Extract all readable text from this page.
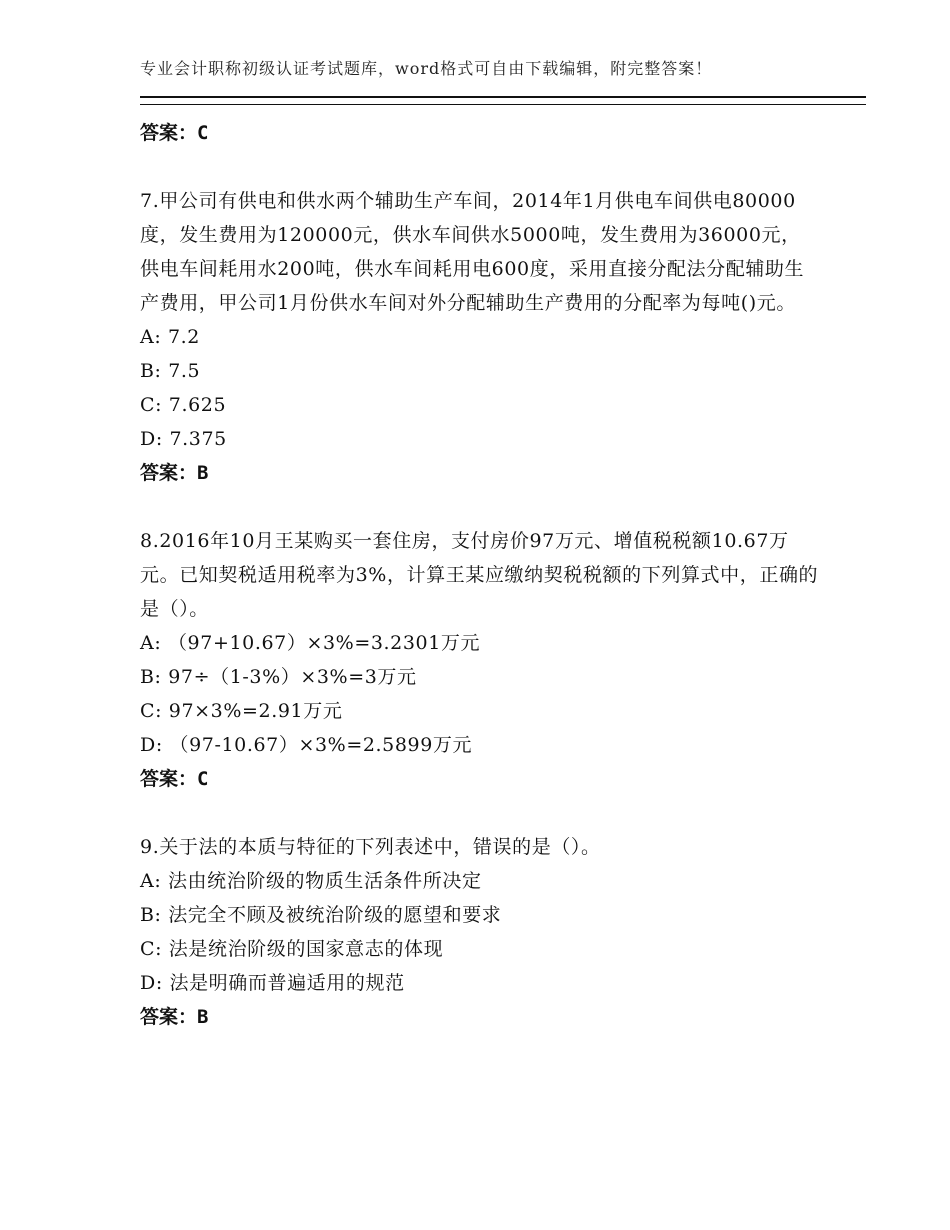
专业会计职称初级认证考试题库，word格式可自由下载编辑，附完整答案！
答案：C
7.甲公司有供电和供水两个辅助生产车间，2014年1月供电车间供电80000度，发生费用为120000元，供水车间供水5000吨，发生费用为36000元，供电车间耗用水200吨，供水车间耗用电600度，采用直接分配法分配辅助生产费用，甲公司1月份供水车间对外分配辅助生产费用的分配率为每吨()元。
A: 7.2
B: 7.5
C: 7.625
D: 7.375
答案：B
8.2016年10月王某购买一套住房，支付房价97万元、增值税税额10.67万元。已知契税适用税率为3%，计算王某应缴纳契税税额的下列算式中，正确的是（）。
A: （97+10.67）×3%=3.2301万元
B: 97÷（1-3%）×3%=3万元
C: 97×3%=2.91万元
D: （97-10.67）×3%=2.5899万元
答案：C
9.关于法的本质与特征的下列表述中，错误的是（）。
A: 法由统治阶级的物质生活条件所决定
B: 法完全不顾及被统治阶级的愿望和要求
C: 法是统治阶级的国家意志的体现
D: 法是明确而普遍适用的规范
答案：B
